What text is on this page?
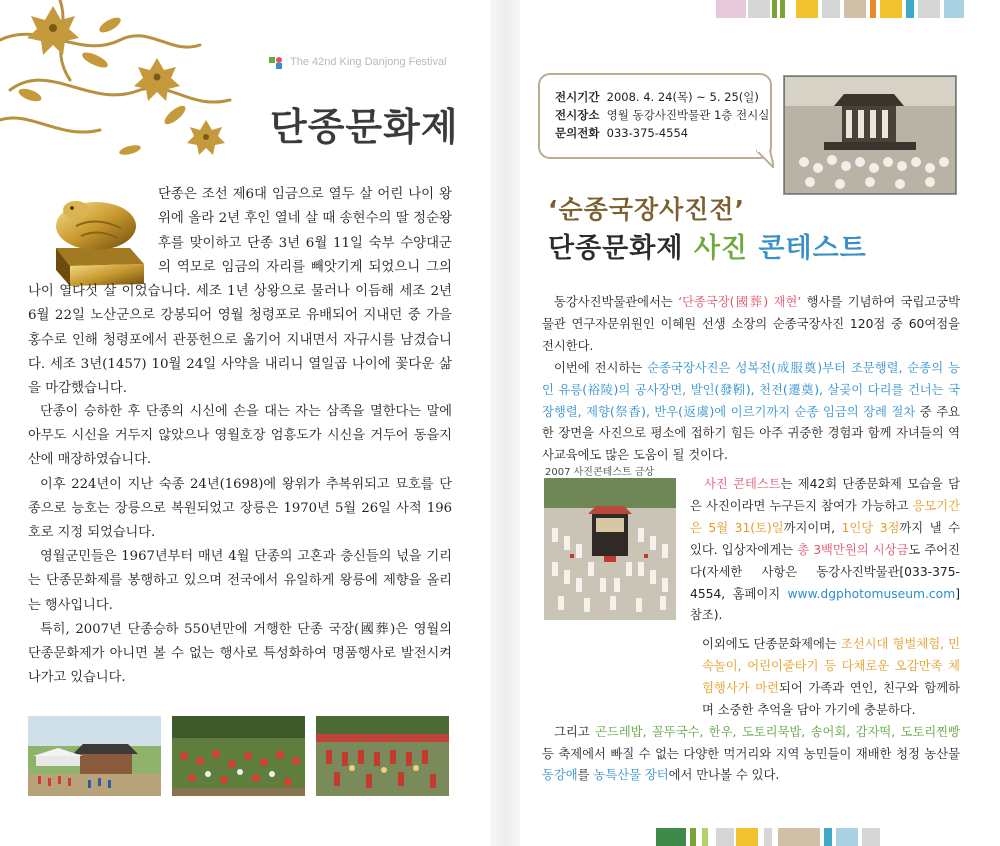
The 42nd King Danjong Festival
단종문화제

단종은 조선 제6대 임금으로 열두 살 어린 나이 왕위에 올라 2년 후인 열네 살 때 송현수의 딸 정순왕후를 맞이하고 단종 3년 6월 11일 숙부 수양대군의 역모로 임금의 자리를 빼앗기게 되었으니 그의 나이 열다섯 살 이었습니다. 세조 1년 상왕으로 물러나 이듬해 세조 2년 6월 22일 노산군으로 강봉되어 영월 청령포로 유배되어 지내던 중 가을 홍수로 인해 청령포에서 관풍헌으로 옮기어 지내면서 자규시를 남겼습니다. 세조 3년(1457) 10월 24일 사약을 내리니 열일곱 나이에 꽃다운 삶을 마감했습니다.

전시기간 2008. 4. 24(목) ~ 5. 25(일)
전시장소 영월 동강사진박물관 1층 전시실
문의전화 033-375-4554
‘순종국장사진전’
단종문화제 사진 콘테스트

동강사진박물관에서는 ‘단종국장(國葬) 재현’ 행사를 기념하여 국립고궁박물관 연구자문위원인 이혜원 선생 소장의 순종국장사진 120점 중 60여점을 전시한다.

이번에 전시하는 순종국장사진은 성복전(成服奠)부터 조문행렬, 순종의 능인 유릉(裕陵)의 공사장면, 발인(發靷), 천전(遷奠), 살곶이 다리를 건너는 국장행렬, 제향(祭香), 반우(返虞)에 이르기까지 순종 임금의 장례 절차 중 주요한 장면을 사진으로 평소에 접하기 힘든 아주 귀중한 경험과 함께 자녀들의 역사교육에도 많은 도움이 될 것이다.

2007 사진콘테스트 금상

사진 콘테스트는 제42회 단종문화제 모습을 담은 사진이라면 누구든지 참여가 가능하고 응모기간은 5월 31(토)일까지이며, 1인당 3점까지 낼 수 있다. 입상자에게는 총 3백만원의 시상금도 주어진다(자세한 사항은 동강사진박물관[033-375-4554, 홈페이지 www.dgphotomuseum.com] 참조).

이외에도 단종문화제에는 조선시대 형벌체험, 민속놀이, 어린이줄타기 등 다채로운 오감만족 체험행사가 마련되어 가족과 연인, 친구와 함께하며 소중한 추억을 담아 가기에 충분하다.

그리고 곤드레밥, 꼴뚜국수, 한우, 도토리묵밥, 송어회, 감자떡, 도토리찐빵 등 축제에서 빠질 수 없는 다양한 먹거리와 지역 농민들이 재배한 청정 농산물 동강애를 농특산물 장터에서 만나볼 수 있다.

단종이 승하한 후 단종의 시신에 손을 대는 자는 삼족을 멸한다는 말에 아무도 시신을 거두지 않았으나 영월호장 엄흥도가 시신을 거두어 동을지산에 매장하였습니다.

이후 224년이 지난 숙종 24년(1698)에 왕위가 추복위되고 묘호를 단종으로 능호는 장릉으로 복원되었고 장릉은 1970년 5월 26일 사적 196호로 지정 되었습니다.

영월군민들은 1967년부터 매년 4월 단종의 고혼과 충신들의 넋을 기리는 단종문화제를 봉행하고 있으며 전국에서 유일하게 왕릉에 제향을 올리는 행사입니다.

특히, 2007년 단종승하 550년만에 거행한 단종 국장(國葬)은 영월의 단종문화제가 아니면 볼 수 없는 행사로 특성화하여 명품행사로 발전시켜 나가고 있습니다.
